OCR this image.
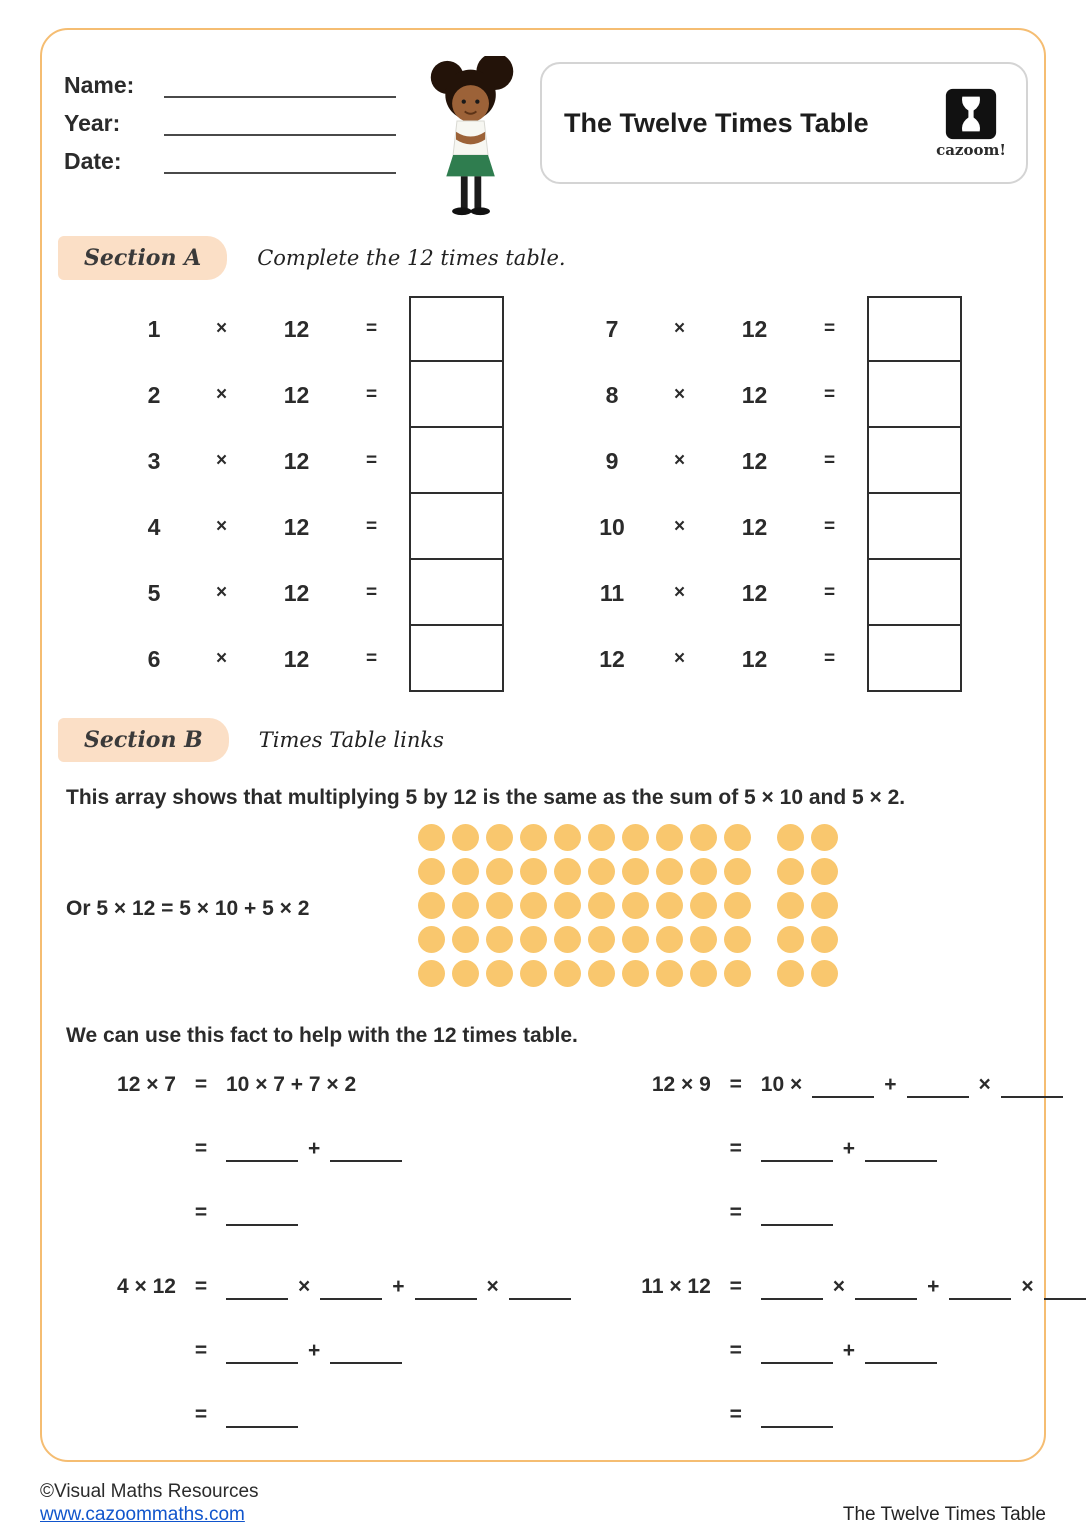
Name:
Year:
Date:
The Twelve Times Table
cazoom!
Section A	Complete the 12 times table.
1	× 12	=
2	× 12	=
3	× 12	=
4	× 12	=
5	× 12	=
6	× 12	=
7	× 12	=
8	× 12	=
9	× 12	=
10	× 12	=
11	× 12	=
12	× 12	=
Section B	Times Table links
This array shows that multiplying 5 by 12 is the same as the sum of 5 × 10 and 5 × 2.
Or 5 × 12 = 5 × 10 + 5 × 2
We can use this fact to help with the 12 times table.
12 × 7 = 10 × 7 + 7 × 2
=	+
=
12 × 9 = 10 ×	+	×
=	+
=
4 × 12 =	×	+	×
=	+
=
11 × 12 =	×	+	×
=	+
=
©Visual Maths Resources
www.cazoommaths.com	The Twelve Times Table
